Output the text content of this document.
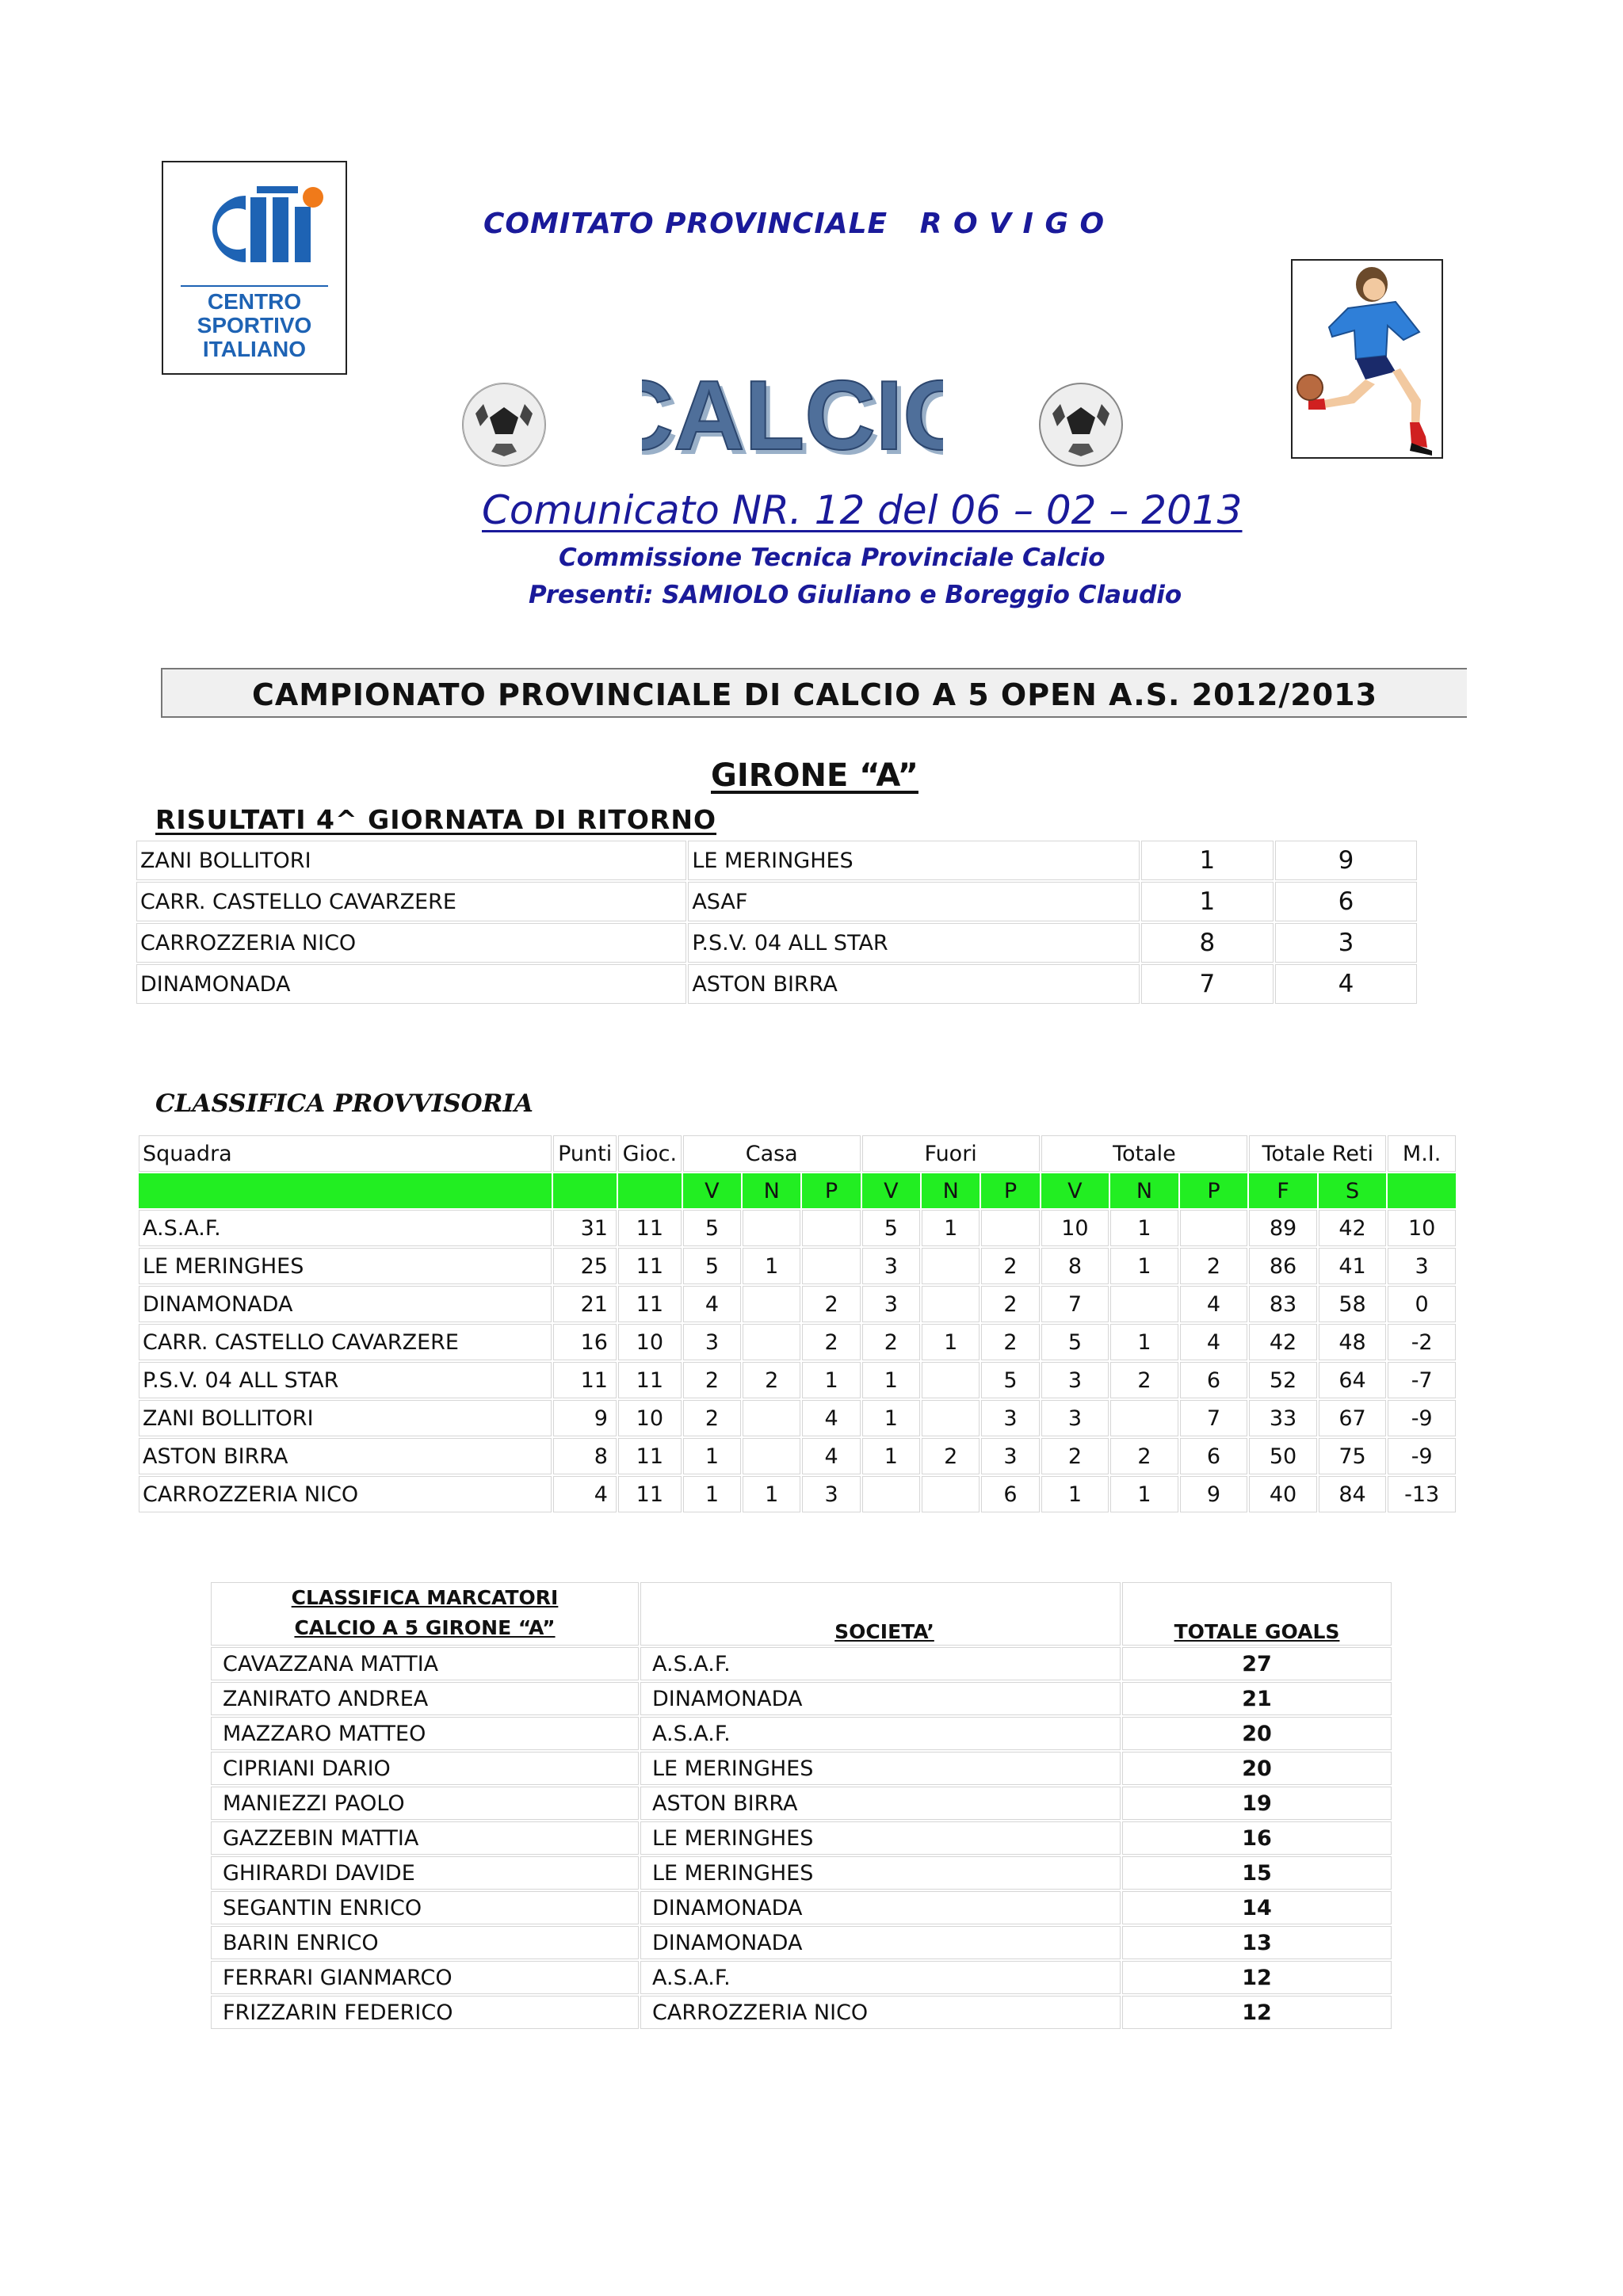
CENTRO
SPORTIVO
ITALIANO
COMITATO PROVINCIALE   R O V I G O
CALCI
ALCIO
Comunicato NR. 12 del 06 – 02 – 2013
Commissione Tecnica Provinciale Calcio
Presenti: SAMIOLO Giuliano e Boreggio Claudio
CAMPIONATO PROVINCIALE DI CALCIO A 5 OPEN A.S. 2012/2013
GIRONE “A”
RISULTATI 4^ GIORNATA DI RITORNO
ZANI BOLLITORI	LE MERINGHES	1	9
CARR. CASTELLO CAVARZERE	ASAF	1	6
CARROZZERIA NICO	P.S.V. 04 ALL STAR	8	3
DINAMONADA	ASTON BIRRA	7	4
CLASSIFICA PROVVISORIA
Squadra	Punti	Gioc.	Casa			Fuori			Totale			Totale Reti		M.I.
			V	N	P	V	N	P	V	N	P	F	S	
A.S.A.F.	31	11	5			5	1		10	1		89	42	10
LE MERINGHES	25	11	5	1		3		2	8	1	2	86	41	3
DINAMONADA	21	11	4		2	3		2	7		4	83	58	0
CARR. CASTELLO CAVARZERE	16	10	3		2	2	1	2	5	1	4	42	48	-2
P.S.V. 04 ALL STAR	11	11	2	2	1	1		5	3	2	6	52	64	-7
ZANI BOLLITORI	9	10	2		4	1		3	3		7	33	67	-9
ASTON BIRRA	8	11	1		4	1	2	3	2	2	6	50	75	-9
CARROZZERIA NICO	4	11	1	1	3			6	1	1	9	40	84	-13
CLASSIFICA MARCATORI
CALCIO A 5 GIRONE “A”	SOCIETA’	TOTALE GOALS
CAVAZZANA MATTIA	A.S.A.F.	27
ZANIRATO ANDREA	DINAMONADA	21
MAZZARO MATTEO	A.S.A.F.	20
CIPRIANI DARIO	LE MERINGHES	20
MANIEZZI PAOLO	ASTON BIRRA	19
GAZZEBIN MATTIA	LE MERINGHES	16
GHIRARDI DAVIDE	LE MERINGHES	15
SEGANTIN ENRICO	DINAMONADA	14
BARIN ENRICO	DINAMONADA	13
FERRARI GIANMARCO	A.S.A.F.	12
FRIZZARIN FEDERICO	CARROZZERIA NICO	12
